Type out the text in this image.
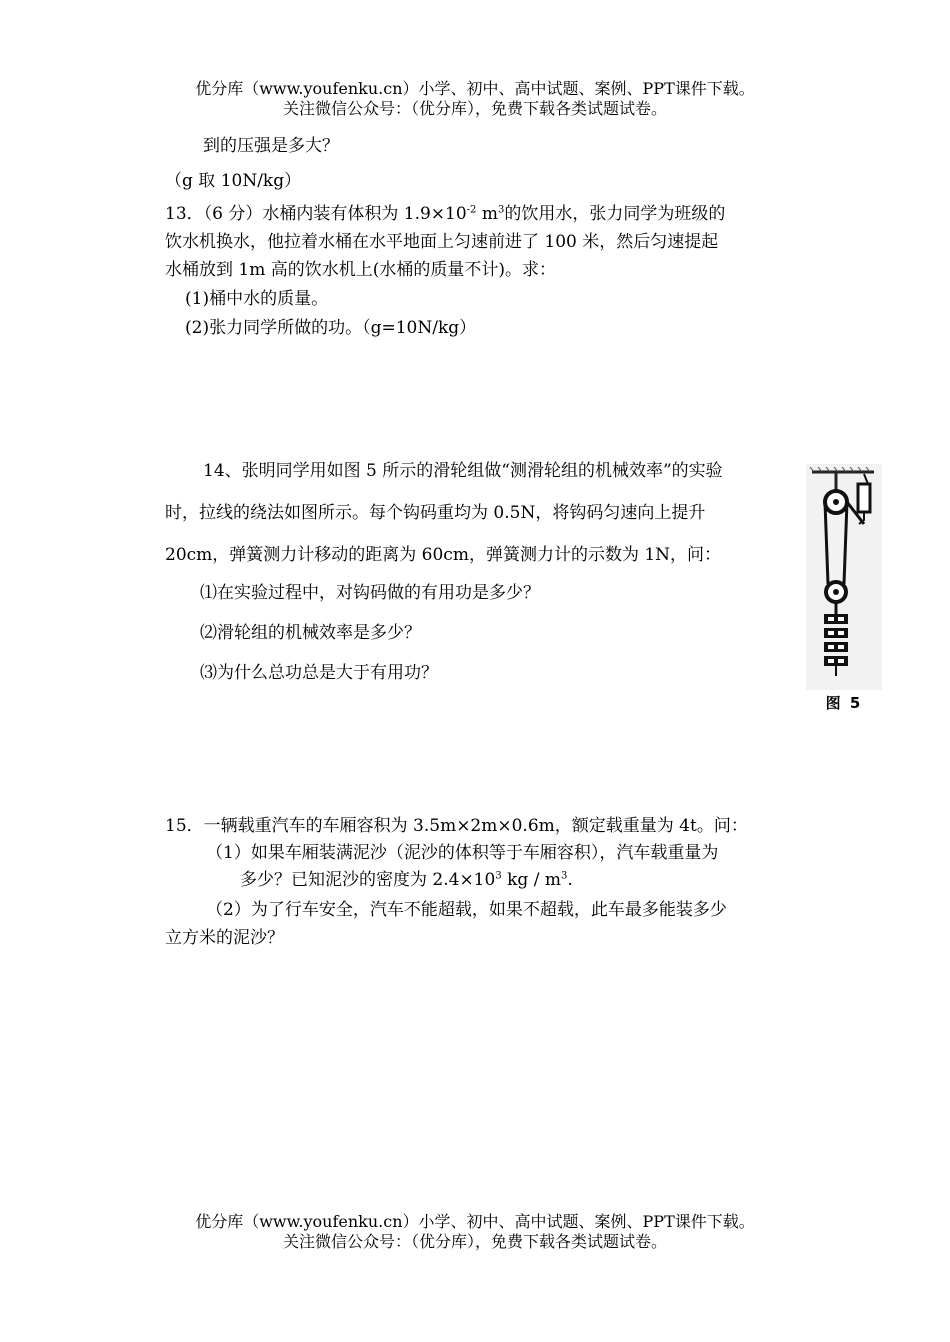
优分库（www.youfenku.cn）小学、初中、高中试题、案例、PPT课件下载。
关注微信公众号：（优分库），免费下载各类试题试卷。
到的压强是多大？
（g 取 10N/kg）
13．（6 分）水桶内装有体积为 $1.9\times 10^{-2}$ $m^3$的饮用水，张力同学为班级的
饮水机换水，他拉着水桶在水平地面上匀速前进了 100 米，然后匀速提起
水桶放到 1m 高的饮水机上(水桶的质量不计)。求：
(1)桶中水的质量。
(2)张力同学所做的功。（g=10N/kg）
14、张明同学用如图 5 所示的滑轮组做“测滑轮组的机械效率”的实验
时，拉线的绕法如图所示。每个钩码重均为 0.5N，将钩码匀速向上提升
20cm，弹簧测力计移动的距离为 60cm，弹簧测力计的示数为 1N，问：
⑴在实验过程中，对钩码做的有用功是多少？
⑵滑轮组的机械效率是多少？
⑶为什么总功总是大于有用功？
图 5
15．一辆载重汽车的车厢容积为 3.5m×2m×0.6m，额定载重量为 4t。问：
（1）如果车厢装满泥沙（泥沙的体积等于车厢容积），汽车载重量为
多少？已知泥沙的密度为 $2.4\times 10^3$ kg / $m^3$.
（2）为了行车安全，汽车不能超载，如果不超载，此车最多能装多少
立方米的泥沙？
优分库（www.youfenku.cn）小学、初中、高中试题、案例、PPT课件下载。
关注微信公众号：（优分库），免费下载各类试题试卷。
